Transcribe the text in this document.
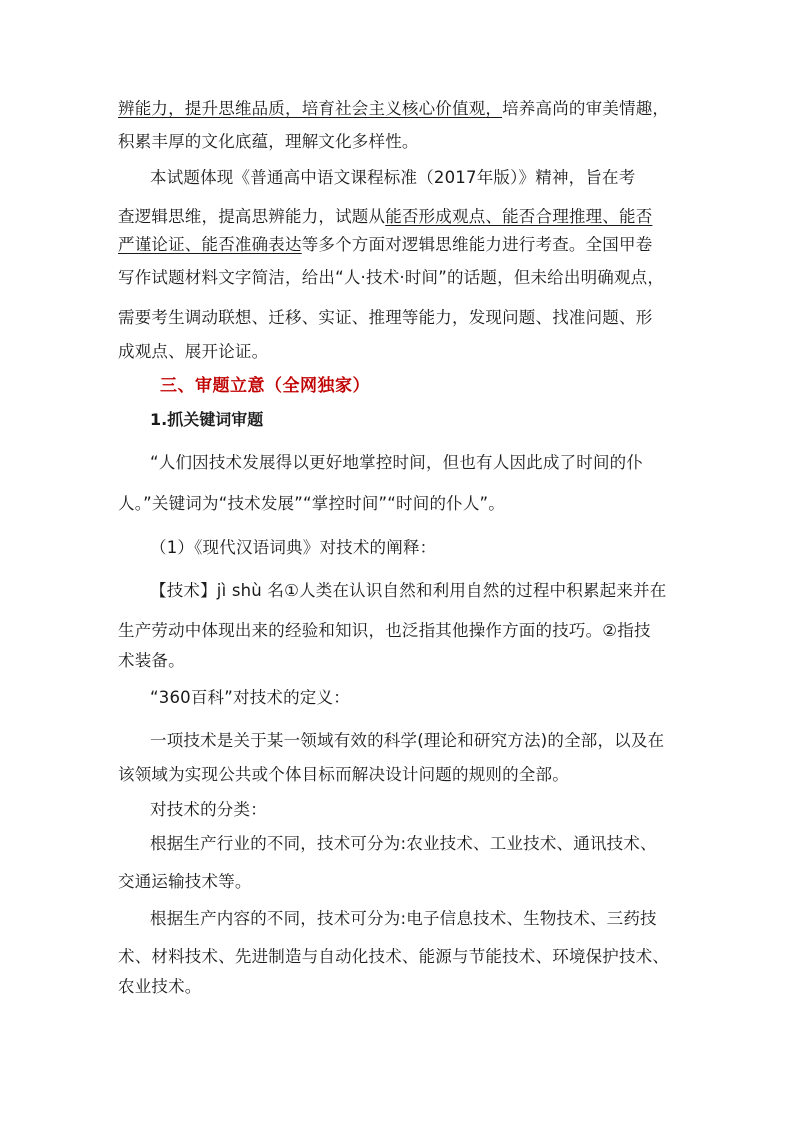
辨能力，提升思维品质，培育社会主义核心价值观，培养高尚的审美情趣，
积累丰厚的文化底蕴，理解文化多样性。
本试题体现《普通高中语文课程标准（2017年版）》精神，旨在考
查逻辑思维，提高思辨能力，试题从能否形成观点、能否合理推理、能否
严谨论证、能否准确表达等多个方面对逻辑思维能力进行考查。全国甲卷
写作试题材料文字简洁，给出“人·技术·时间”的话题，但未给出明确观点，
需要考生调动联想、迁移、实证、推理等能力，发现问题、找准问题、形
成观点、展开论证。
三、审题立意（全网独家）
1.抓关键词审题
“人们因技术发展得以更好地掌控时间，但也有人因此成了时间的仆
人。”关键词为“技术发展”“掌控时间”“时间的仆人”。
（1）《现代汉语词典》对技术的阐释：
【技术】jì shù 名①人类在认识自然和利用自然的过程中积累起来并在
生产劳动中体现出来的经验和知识，也泛指其他操作方面的技巧。②指技
术装备。
“360百科”对技术的定义：
一项技术是关于某一领域有效的科学(理论和研究方法)的全部，以及在
该领域为实现公共或个体目标而解决设计问题的规则的全部。
对技术的分类：
根据生产行业的不同，技术可分为:农业技术、工业技术、通讯技术、
交通运输技术等。
根据生产内容的不同，技术可分为:电子信息技术、生物技术、三药技
术、材料技术、先进制造与自动化技术、能源与节能技术、环境保护技术、
农业技术。
